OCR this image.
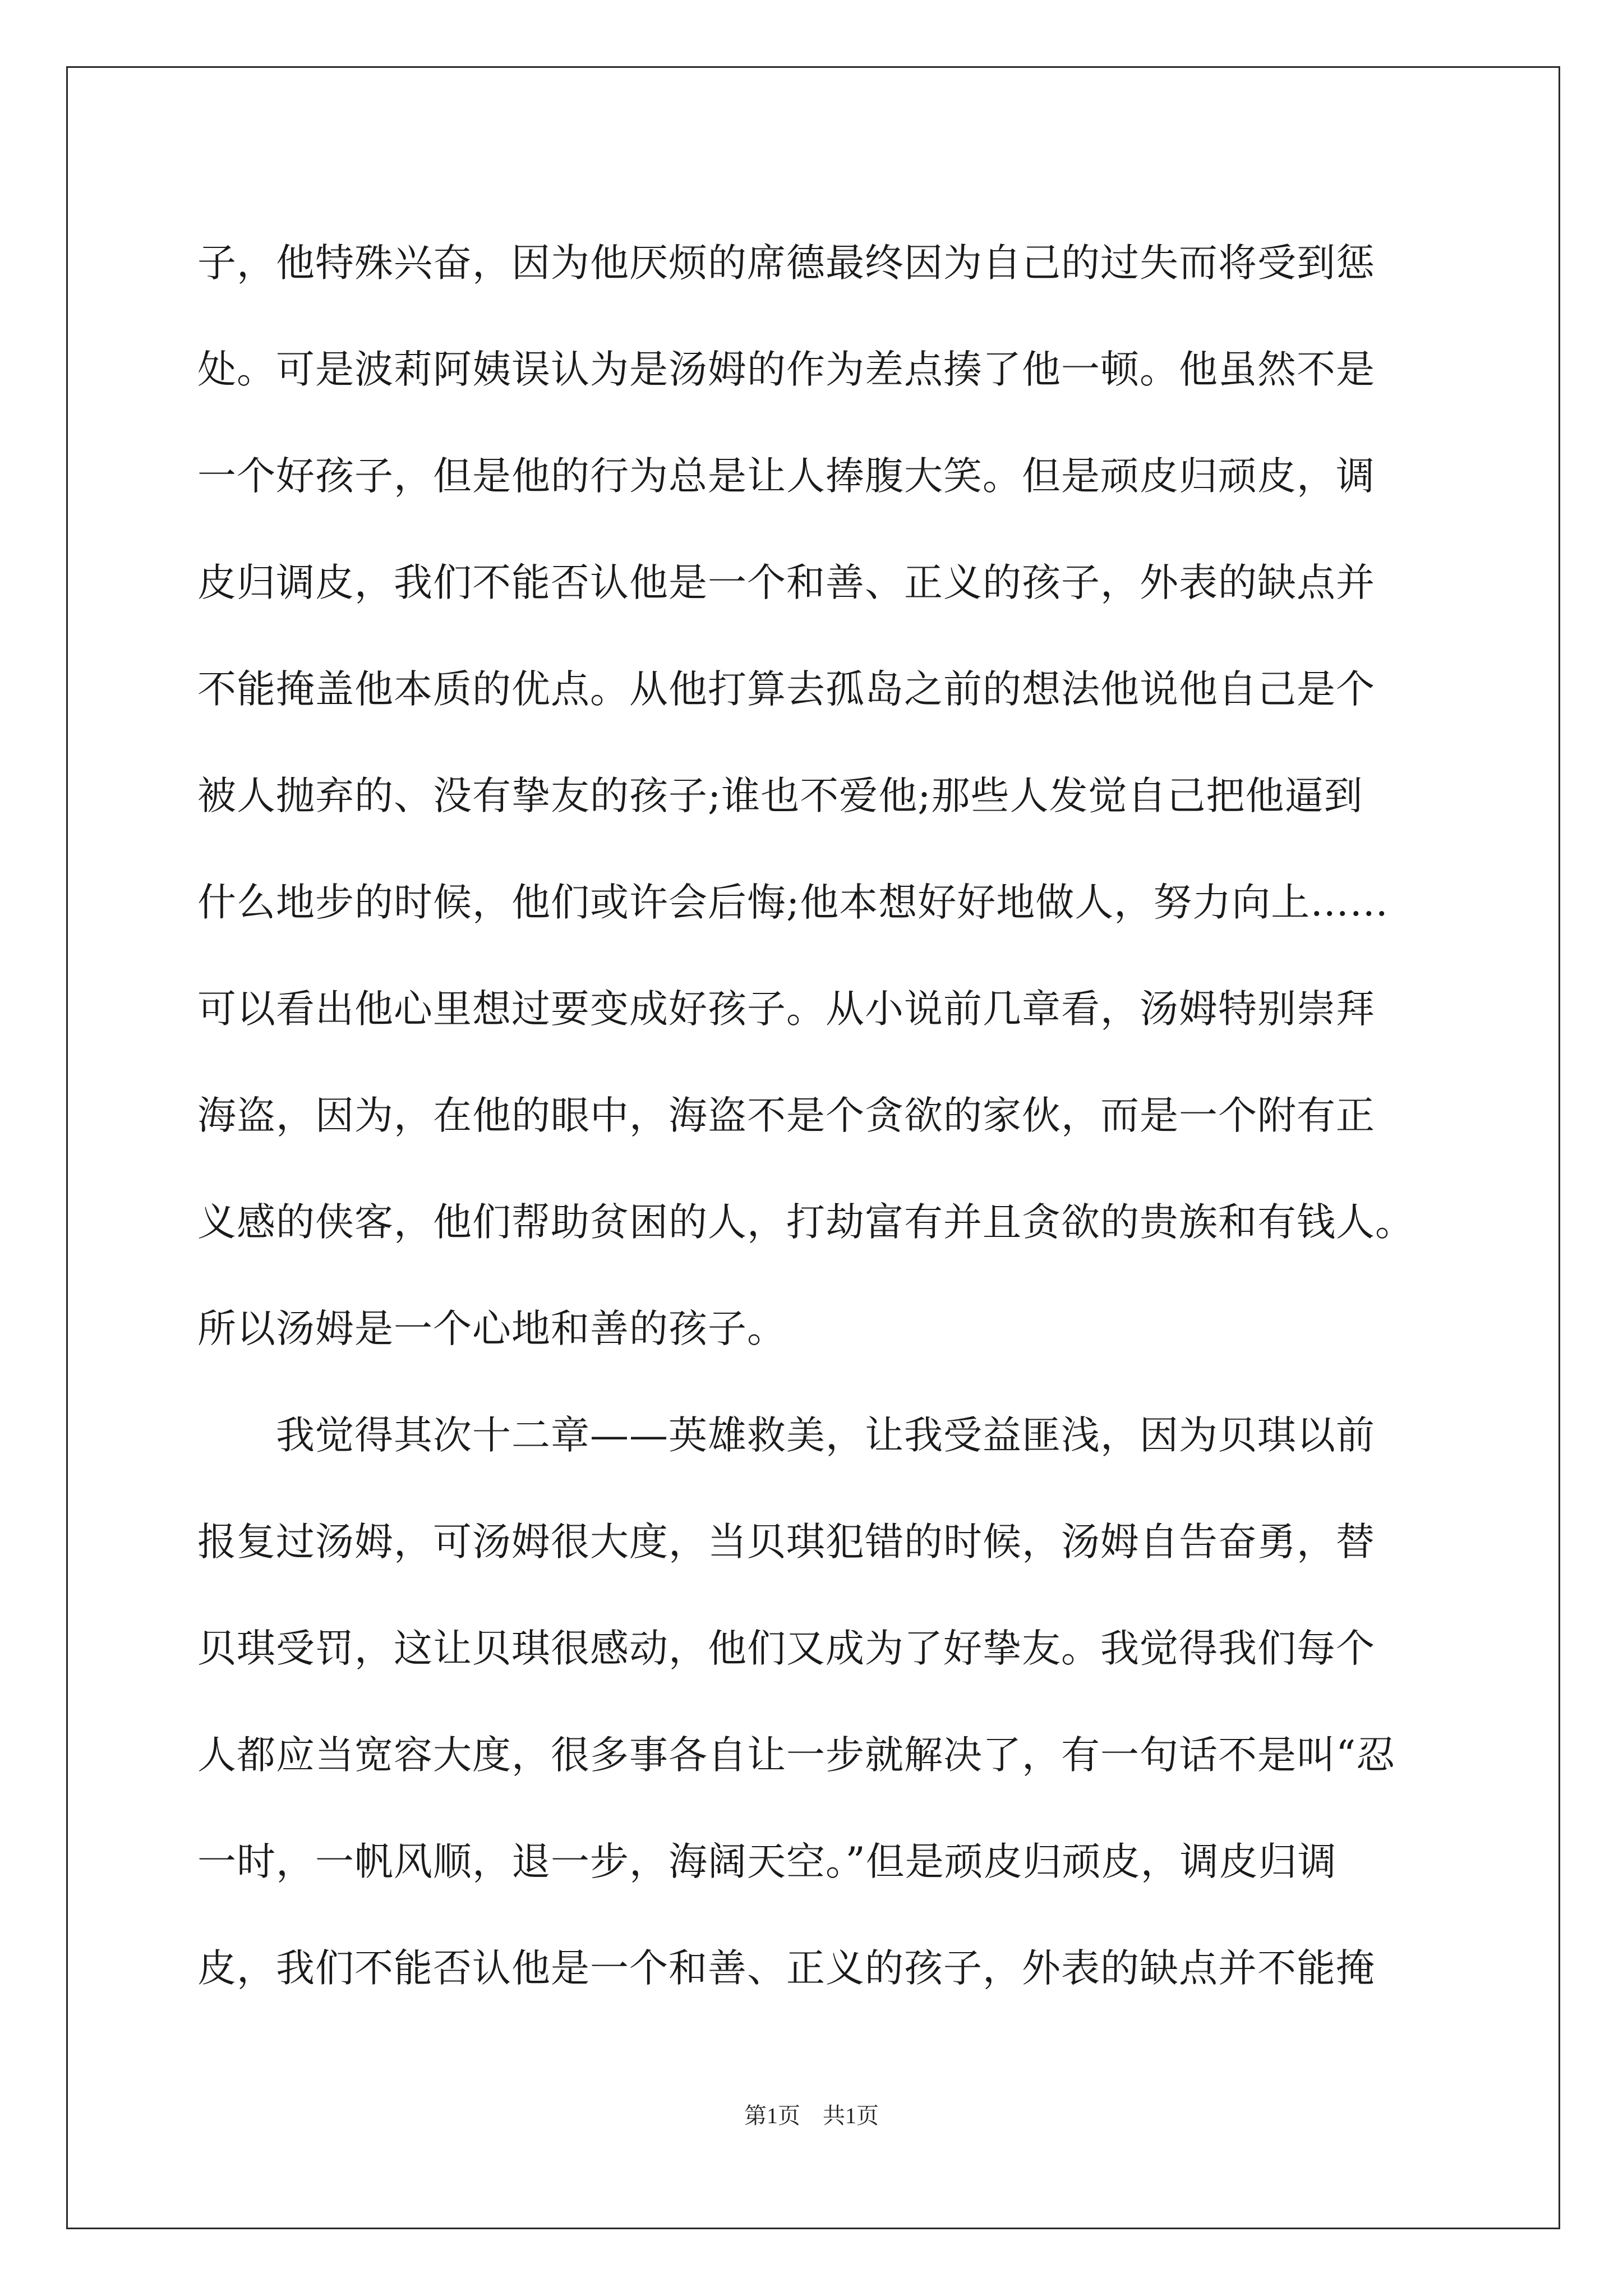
子，他特殊兴奋，因为他厌烦的席德最终因为自己的过失而将受到惩
处。可是波莉阿姨误认为是汤姆的作为差点揍了他一顿。他虽然不是
一个好孩子，但是他的行为总是让人捧腹大笑。但是顽皮归顽皮，调
皮归调皮，我们不能否认他是一个和善、正义的孩子，外表的缺点并
不能掩盖他本质的优点。从他打算去孤岛之前的想法他说他自己是个
被人抛弃的、没有挚友的孩子;谁也不爱他;那些人发觉自己把他逼到
什么地步的时候，他们或许会后悔;他本想好好地做人，努力向上……
可以看出他心里想过要变成好孩子。从小说前几章看，汤姆特别崇拜
海盗，因为，在他的眼中，海盗不是个贪欲的家伙，而是一个附有正
义感的侠客，他们帮助贫困的人，打劫富有并且贪欲的贵族和有钱人。
所以汤姆是一个心地和善的孩子。
我觉得其次十二章——英雄救美，让我受益匪浅，因为贝琪以前
报复过汤姆，可汤姆很大度，当贝琪犯错的时候，汤姆自告奋勇，替
贝琪受罚，这让贝琪很感动，他们又成为了好挚友。我觉得我们每个
人都应当宽容大度，很多事各自让一步就解决了，有一句话不是叫“忍
一时，一帆风顺，退一步，海阔天空。”但是顽皮归顽皮，调皮归调
皮，我们不能否认他是一个和善、正义的孩子，外表的缺点并不能掩
第1页　共1页
